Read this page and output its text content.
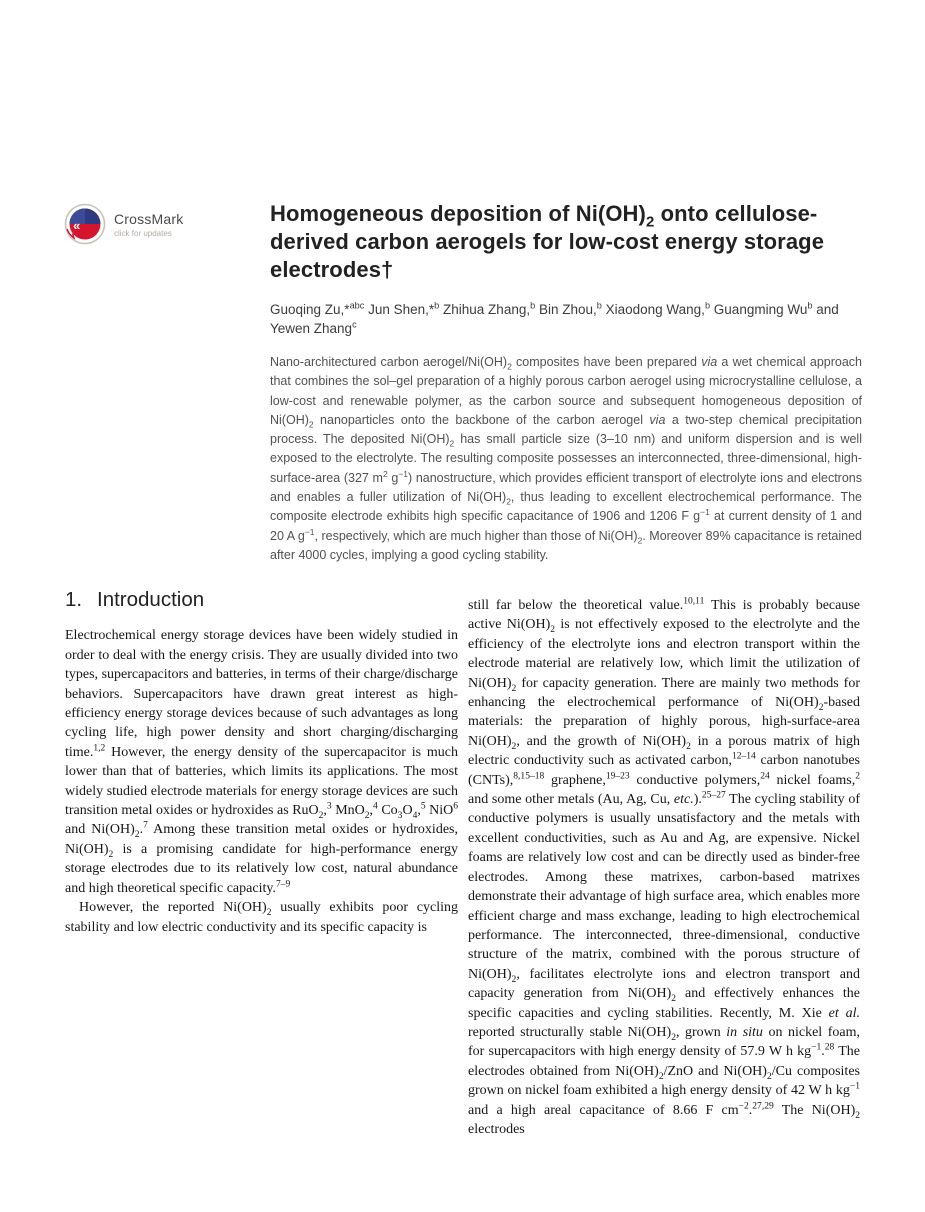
« CrossMark
click for updates
Homogeneous deposition of $Ni(OH)_2$ onto cellulose-derived carbon aerogels for low-cost energy storage electrodes†
Guoqing Zu,*$^{abc}$ Jun Shen,*$^b$ Zhihua Zhang,$^b$ Bin Zhou,$^b$ Xiaodong Wang,$^b$ Guangming Wu$^b$ and Yewen Zhang$^c$
Nano-architectured carbon aerogel/$Ni(OH)_2$ composites have been prepared via a wet chemical approach that combines the sol–gel preparation of a highly porous carbon aerogel using microcrystalline cellulose, a low-cost and renewable polymer, as the carbon source and subsequent homogeneous deposition of $Ni(OH)_2$ nanoparticles onto the backbone of the carbon aerogel via a two-step chemical precipitation process. The deposited $Ni(OH)_2$ has small particle size (3–10 nm) and uniform dispersion and is well exposed to the electrolyte. The resulting composite possesses an interconnected, three-dimensional, high-surface-area (327 $m^2$ $g^{-1}$) nanostructure, which provides efficient transport of electrolyte ions and electrons and enables a fuller utilization of $Ni(OH)_2$, thus leading to excellent electrochemical performance. The composite electrode exhibits high specific capacitance of 1906 and 1206 F $g^{-1}$ at current density of 1 and 20 A $g^{-1}$, respectively, which are much higher than those of $Ni(OH)_2$. Moreover 89% capacitance is retained after 4000 cycles, implying a good cycling stability.
1. Introduction

Electrochemical energy storage devices have been widely studied in order to deal with the energy crisis. They are usually divided into two types, supercapacitors and batteries, in terms of their charge/discharge behaviors. Supercapacitors have drawn great interest as high-efficiency energy storage devices because of such advantages as long cycling life, high power density and short charging/discharging time.$^{1,2}$ However, the energy density of the supercapacitor is much lower than that of batteries, which limits its applications. The most widely studied electrode materials for energy storage devices are such transition metal oxides or hydroxides as RuO$_2$,$^3$ MnO$_2$,$^4$ $Co_3O_4,^5$ NiO$^6$ and $Ni(OH)_2.^7$ Among these transition metal oxides or hydroxides, $Ni(OH)_2$ is a promising candidate for high-performance energy storage electrodes due to its relatively low cost, natural abundance and high theoretical specific capacity.$^{7-9}$

However, the reported $Ni(OH)_2$ usually exhibits poor cycling stability and low electric conductivity and its specific capacity is

still far below the theoretical value.$^{10,11}$ This is probably because active $Ni(OH)_2$ is not effectively exposed to the electrolyte and the efficiency of the electrolyte ions and electron transport within the electrode material are relatively low, which limit the utilization of $Ni(OH)_2$ for capacity generation. There are mainly two methods for enhancing the electrochemical performance of $Ni(OH)_2$-based materials: the preparation of highly porous, high-surface-area $Ni(OH)_2$, and the growth of $Ni(OH)_2$ in a porous matrix of high electric conductivity such as activated carbon,$^{12-14}$ carbon nanotubes (CNTs),$^{8,15-18}$ graphene,$^{19-23}$ conductive polymers,$^{24}$ nickel foams,$^2$ and some other metals (Au, Ag, Cu, etc.).$^{25-27}$ The cycling stability of conductive polymers is usually unsatisfactory and the metals with excellent conductivities, such as Au and Ag, are expensive. Nickel foams are relatively low cost and can be directly used as binder-free electrodes. Among these matrixes, carbon-based matrixes demonstrate their advantage of high surface area, which enables more efficient charge and mass exchange, leading to high electrochemical performance. The interconnected, three-dimensional, conductive structure of the matrix, combined with the porous structure of $Ni(OH)_2$, facilitates electrolyte ions and electron transport and capacity generation from $Ni(OH)_2$ and effectively enhances the specific capacities and cycling stabilities. Recently, M. Xie et al. reported structurally stable $Ni(OH)_2$, grown in situ on nickel foam, for supercapacitors with high energy density of 57.9 W h $kg^{-1}.^{28}$ The electrodes obtained from $Ni(OH)_2$/ZnO and $Ni(OH)_2/Cu$ composites grown on nickel foam exhibited a high energy density of 42 W h $kg^{-1}$ and a high areal capacitance of 8.66 F $cm^{-2}.^{27,29}$ The $Ni(OH)_2$ electrodes
